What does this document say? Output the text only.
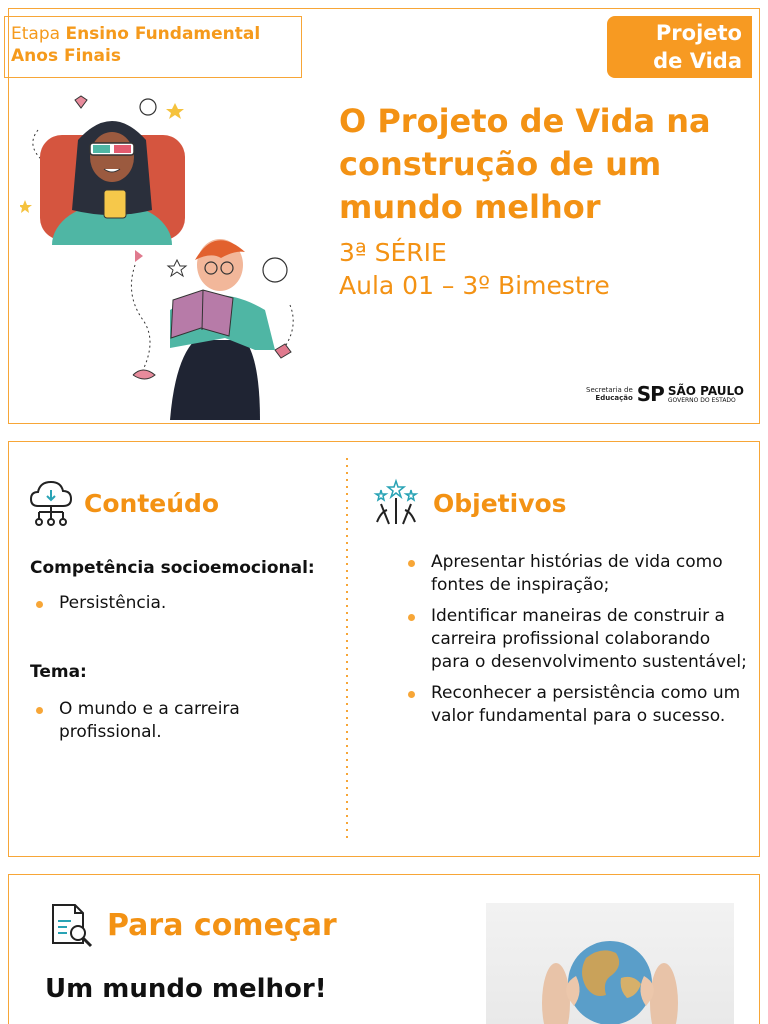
Etapa Ensino Fundamental Anos Finais
Projeto
de Vida
O Projeto de Vida na construção de um mundo melhor
3ª SÉRIE
Aula 01 – 3º Bimestre
Secretaria de
Educação SP SÃO PAULO
GOVERNO DO ESTADO
Conteúdo
Competência socioemocional:
Persistência.
Tema:
O mundo e a carreira profissional.
Objetivos
Apresentar histórias de vida como fontes de inspiração;
Identificar maneiras de construir a carreira profissional colaborando para o desenvolvimento sustentável;
Reconhecer a persistência como um valor fundamental para o sucesso.
Para começar
Um mundo melhor!
